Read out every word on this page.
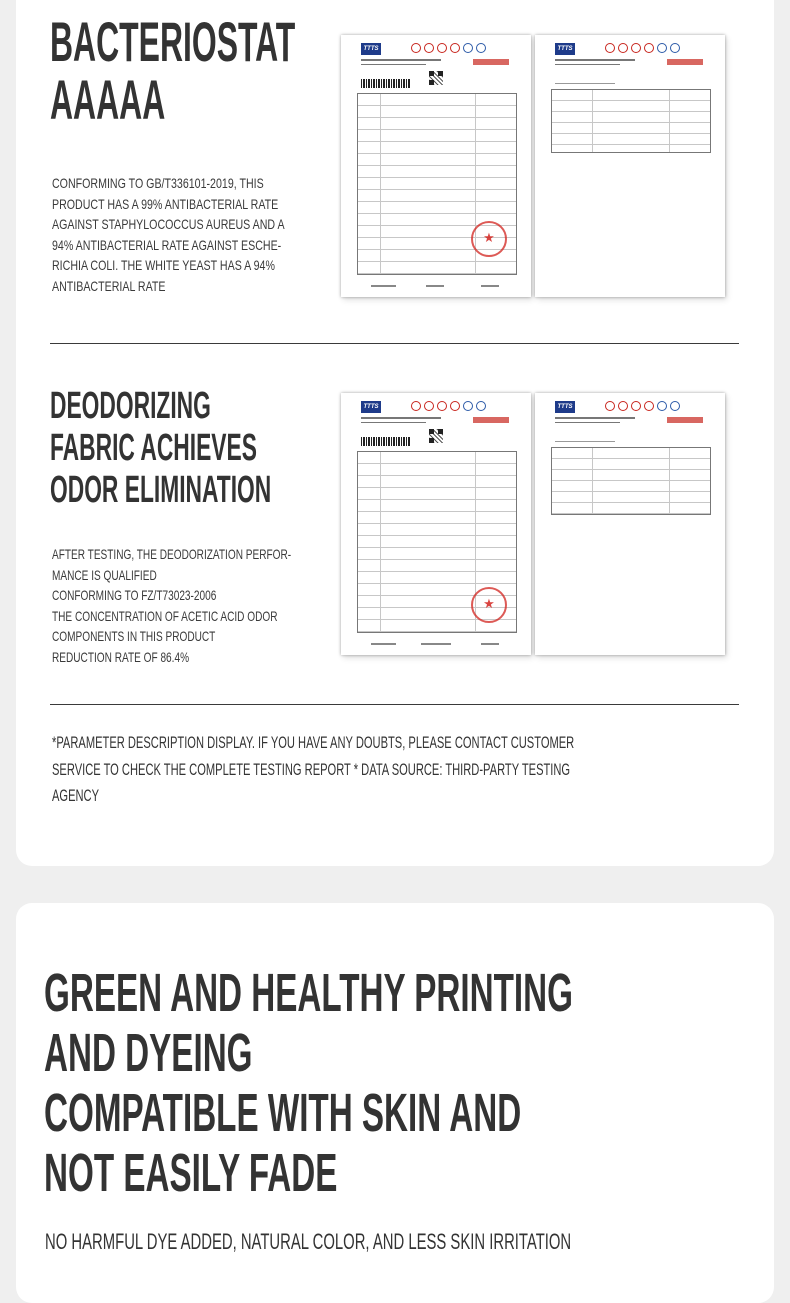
BACTERIOSTAT
AAAAA
CONFORMING TO GB/T336101-2019, THIS
PRODUCT HAS A 99% ANTIBACTERIAL RATE
AGAINST STAPHYLOCOCCUS AUREUS AND A
94% ANTIBACTERIAL RATE AGAINST ESCHE-
RICHIA COLI. THE WHITE YEAST HAS A 94%
ANTIBACTERIAL RATE
TTTS
★	TTTS
DEODORIZING
FABRIC ACHIEVES
ODOR ELIMINATION
AFTER TESTING, THE DEODORIZATION PERFOR-
MANCE IS QUALIFIED
CONFORMING TO FZ/T73023-2006
THE CONCENTRATION OF ACETIC ACID ODOR
COMPONENTS IN THIS PRODUCT
REDUCTION RATE OF 86.4%
TTTS
★	TTTS
*PARAMETER DESCRIPTION DISPLAY. IF YOU HAVE ANY DOUBTS, PLEASE CONTACT CUSTOMER
SERVICE TO CHECK THE COMPLETE TESTING REPORT * DATA SOURCE: THIRD-PARTY TESTING
AGENCY
GREEN AND HEALTHY PRINTING
AND DYEING
COMPATIBLE WITH SKIN AND
NOT EASILY FADE
NO HARMFUL DYE ADDED, NATURAL COLOR, AND LESS SKIN IRRITATION
